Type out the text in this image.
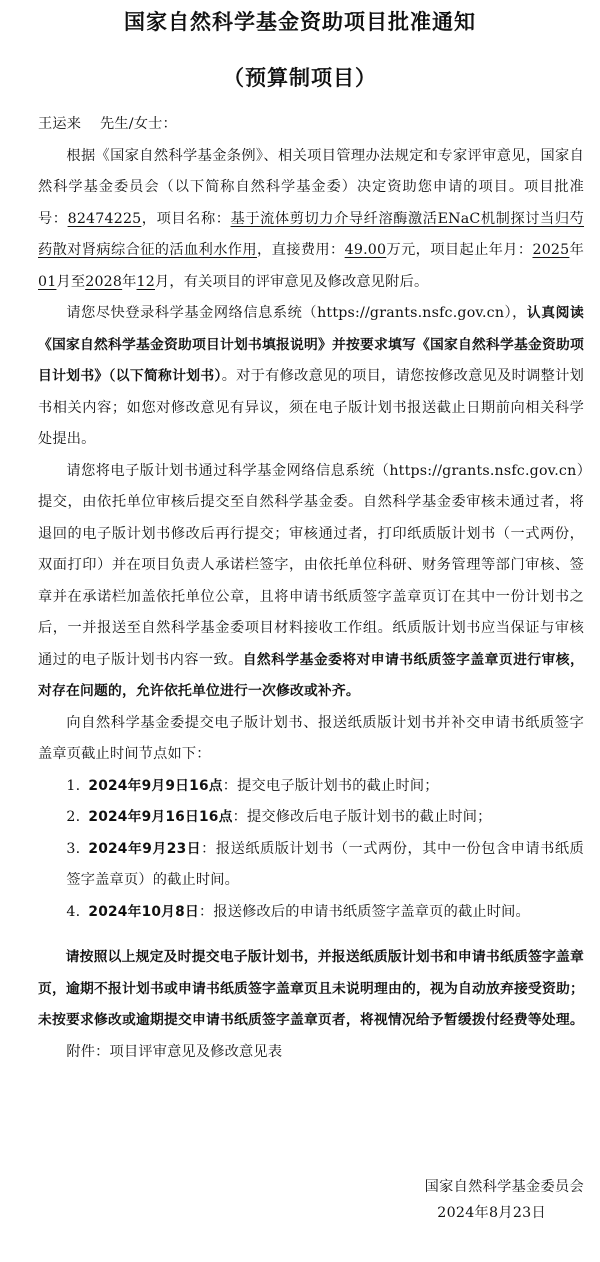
国家自然科学基金资助项目批准通知
（预算制项目）

王运来 先生/女士：

根据《国家自然科学基金条例》、相关项目管理办法规定和专家评审意见，国家自然科学基金委员会（以下简称自然科学基金委）决定资助您申请的项目。项目批准号：82474225，项目名称：基于流体剪切力介导纤溶酶激活ENaC机制探讨当归芍药散对肾病综合征的活血利水作用，直接费用：49.00万元，项目起止年月：2025年01月至2028年12月，有关项目的评审意见及修改意见附后。

请您尽快登录科学基金网络信息系统（https://grants.nsfc.gov.cn），认真阅读《国家自然科学基金资助项目计划书填报说明》并按要求填写《国家自然科学基金资助项目计划书》（以下简称计划书）。对于有修改意见的项目，请您按修改意见及时调整计划书相关内容；如您对修改意见有异议，须在电子版计划书报送截止日期前向相关科学处提出。

请您将电子版计划书通过科学基金网络信息系统（https://grants.nsfc.gov.cn）提交，由依托单位审核后提交至自然科学基金委。自然科学基金委审核未通过者，将退回的电子版计划书修改后再行提交；审核通过者，打印纸质版计划书（一式两份，双面打印）并在项目负责人承诺栏签字，由依托单位科研、财务管理等部门审核、签章并在承诺栏加盖依托单位公章，且将申请书纸质签字盖章页订在其中一份计划书之后，一并报送至自然科学基金委项目材料接收工作组。纸质版计划书应当保证与审核通过的电子版计划书内容一致。自然科学基金委将对申请书纸质签字盖章页进行审核，对存在问题的，允许依托单位进行一次修改或补齐。

向自然科学基金委提交电子版计划书、报送纸质版计划书并补交申请书纸质签字盖章页截止时间节点如下：

1. 2024年9月9日16点：提交电子版计划书的截止时间；

2. 2024年9月16日16点：提交修改后电子版计划书的截止时间；

3. 2024年9月23日：报送纸质版计划书（一式两份，其中一份包含申请书纸质签字盖章页）的截止时间。

4. 2024年10月8日：报送修改后的申请书纸质签字盖章页的截止时间。

请按照以上规定及时提交电子版计划书，并报送纸质版计划书和申请书纸质签字盖章页，逾期不报计划书或申请书纸质签字盖章页且未说明理由的，视为自动放弃接受资助；未按要求修改或逾期提交申请书纸质签字盖章页者，将视情况给予暂缓拨付经费等处理。

附件：项目评审意见及修改意见表

国家自然科学基金委员会
2024年8月23日
